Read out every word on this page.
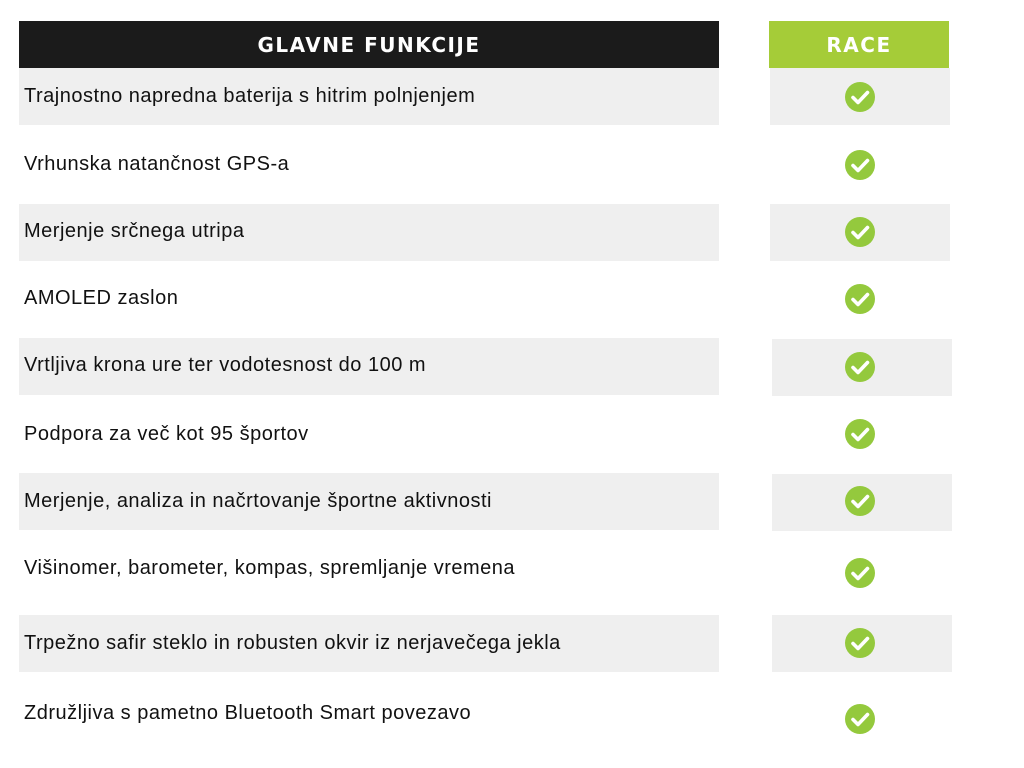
GLAVNE FUNKCIJE	RACE
Trajnostno napredna baterija s hitrim polnjenjem
Vrhunska natančnost GPS-a
Merjenje srčnega utripa
AMOLED zaslon
Vrtljiva krona ure ter vodotesnost do 100 m
Podpora za več kot 95 športov
Merjenje, analiza in načrtovanje športne aktivnosti
Višinomer, barometer, kompas, spremljanje vremena
Trpežno safir steklo in robusten okvir iz nerjavečega jekla
Združljiva s pametno Bluetooth Smart povezavo
